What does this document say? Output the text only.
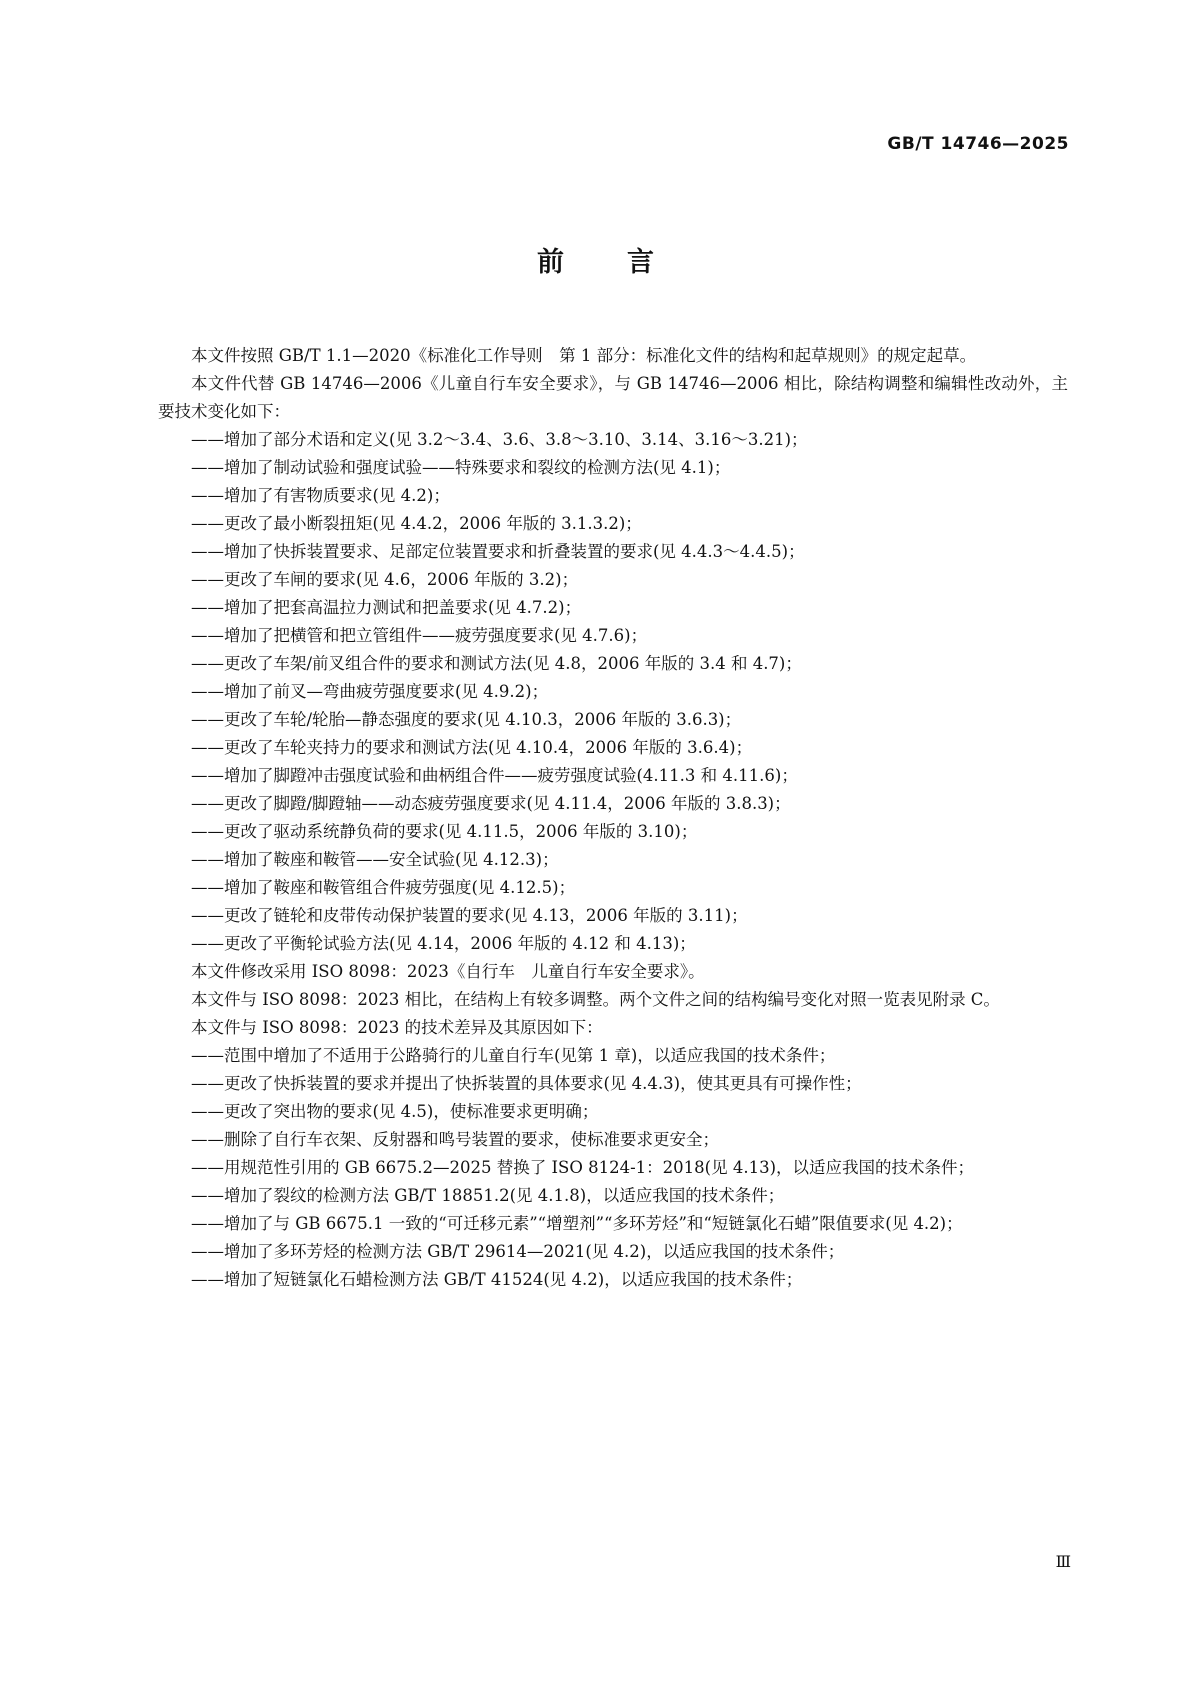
GB/T 14746—2025
前 言

本文件按照 GB/T 1.1—2020《标准化工作导则　第 1 部分：标准化文件的结构和起草规则》的规定起草。

本文件代替 GB 14746—2006《儿童自行车安全要求》，与 GB 14746—2006 相比，除结构调整和编辑性改动外，主要技术变化如下：

——增加了部分术语和定义(见 3.2～3.4、3.6、3.8～3.10、3.14、3.16～3.21)；

——增加了制动试验和强度试验——特殊要求和裂纹的检测方法(见 4.1)；

——增加了有害物质要求(见 4.2)；

——更改了最小断裂扭矩(见 4.4.2，2006 年版的 3.1.3.2)；

——增加了快拆装置要求、足部定位装置要求和折叠装置的要求(见 4.4.3～4.4.5)；

——更改了车闸的要求(见 4.6，2006 年版的 3.2)；

——增加了把套高温拉力测试和把盖要求(见 4.7.2)；

——增加了把横管和把立管组件——疲劳强度要求(见 4.7.6)；

——更改了车架/前叉组合件的要求和测试方法(见 4.8，2006 年版的 3.4 和 4.7)；

——增加了前叉—弯曲疲劳强度要求(见 4.9.2)；

——更改了车轮/轮胎—静态强度的要求(见 4.10.3，2006 年版的 3.6.3)；

——更改了车轮夹持力的要求和测试方法(见 4.10.4，2006 年版的 3.6.4)；

——增加了脚蹬冲击强度试验和曲柄组合件——疲劳强度试验(4.11.3 和 4.11.6)；

——更改了脚蹬/脚蹬轴——动态疲劳强度要求(见 4.11.4，2006 年版的 3.8.3)；

——更改了驱动系统静负荷的要求(见 4.11.5，2006 年版的 3.10)；

——增加了鞍座和鞍管——安全试验(见 4.12.3)；

——增加了鞍座和鞍管组合件疲劳强度(见 4.12.5)；

——更改了链轮和皮带传动保护装置的要求(见 4.13，2006 年版的 3.11)；

——更改了平衡轮试验方法(见 4.14，2006 年版的 4.12 和 4.13)；

本文件修改采用 ISO 8098：2023《自行车　儿童自行车安全要求》。

本文件与 ISO 8098：2023 相比，在结构上有较多调整。两个文件之间的结构编号变化对照一览表见附录 C。

本文件与 ISO 8098：2023 的技术差异及其原因如下：

——范围中增加了不适用于公路骑行的儿童自行车(见第 1 章)，以适应我国的技术条件；

——更改了快拆装置的要求并提出了快拆装置的具体要求(见 4.4.3)，使其更具有可操作性；

——更改了突出物的要求(见 4.5)，使标准要求更明确；

——删除了自行车衣架、反射器和鸣号装置的要求，使标准要求更安全；

——用规范性引用的 GB 6675.2—2025 替换了 ISO 8124-1：2018(见 4.13)，以适应我国的技术条件；

——增加了裂纹的检测方法 GB/T 18851.2(见 4.1.8)，以适应我国的技术条件；

——增加了与 GB 6675.1 一致的“可迁移元素”“增塑剂”“多环芳烃”和“短链氯化石蜡”限值要求(见 4.2)；

——增加了多环芳烃的检测方法 GB/T 29614—2021(见 4.2)，以适应我国的技术条件；

——增加了短链氯化石蜡检测方法 GB/T 41524(见 4.2)，以适应我国的技术条件；

Ⅲ
